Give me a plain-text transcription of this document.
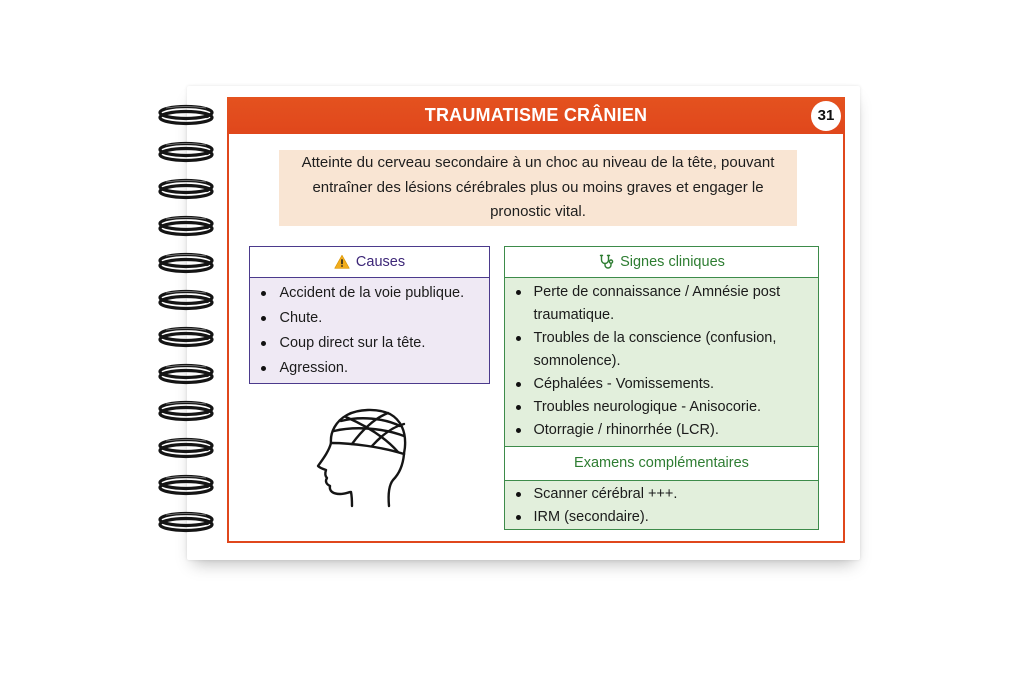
TRAUMATISME CRÂNIEN	31
Atteinte du cerveau secondaire à un choc au niveau de la tête, pouvant
entraîner des lésions cérébrales plus ou moins graves et engager le
pronostic vital.
Causes
Accident de la voie publique.
Chute.
Coup direct sur la tête.
Agression.
Signes cliniques
Perte de connaissance / Amnésie post traumatique.
Troubles de la conscience (confusion, somnolence).
Céphalées - Vomissements.
Troubles neurologique - Anisocorie.
Otorragie / rhinorrhée (LCR).
Examens complémentaires
Scanner cérébral +++.
IRM (secondaire).
